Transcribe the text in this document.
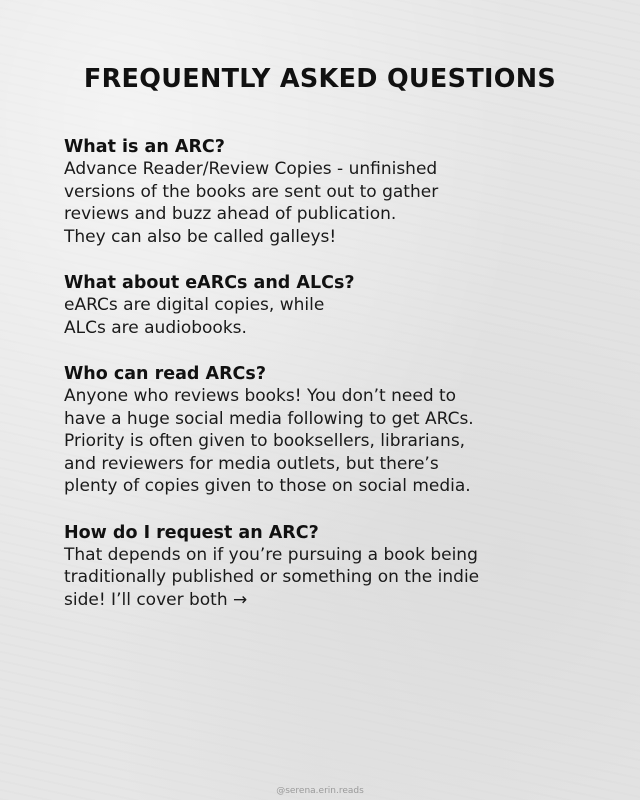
FREQUENTLY ASKED QUESTIONS
What is an ARC?
Advance Reader/Review Copies - unfinished
versions of the books are sent out to gather
reviews and buzz ahead of publication.
They can also be called galleys!
What about eARCs and ALCs?
eARCs are digital copies, while
ALCs are audiobooks.
Who can read ARCs?
Anyone who reviews books! You don’t need to
have a huge social media following to get ARCs.
Priority is often given to booksellers, librarians,
and reviewers for media outlets, but there’s
plenty of copies given to those on social media.
How do I request an ARC?
That depends on if you’re pursuing a book being
traditionally published or something on the indie
side! I’ll cover both →
@serena.erin.reads
